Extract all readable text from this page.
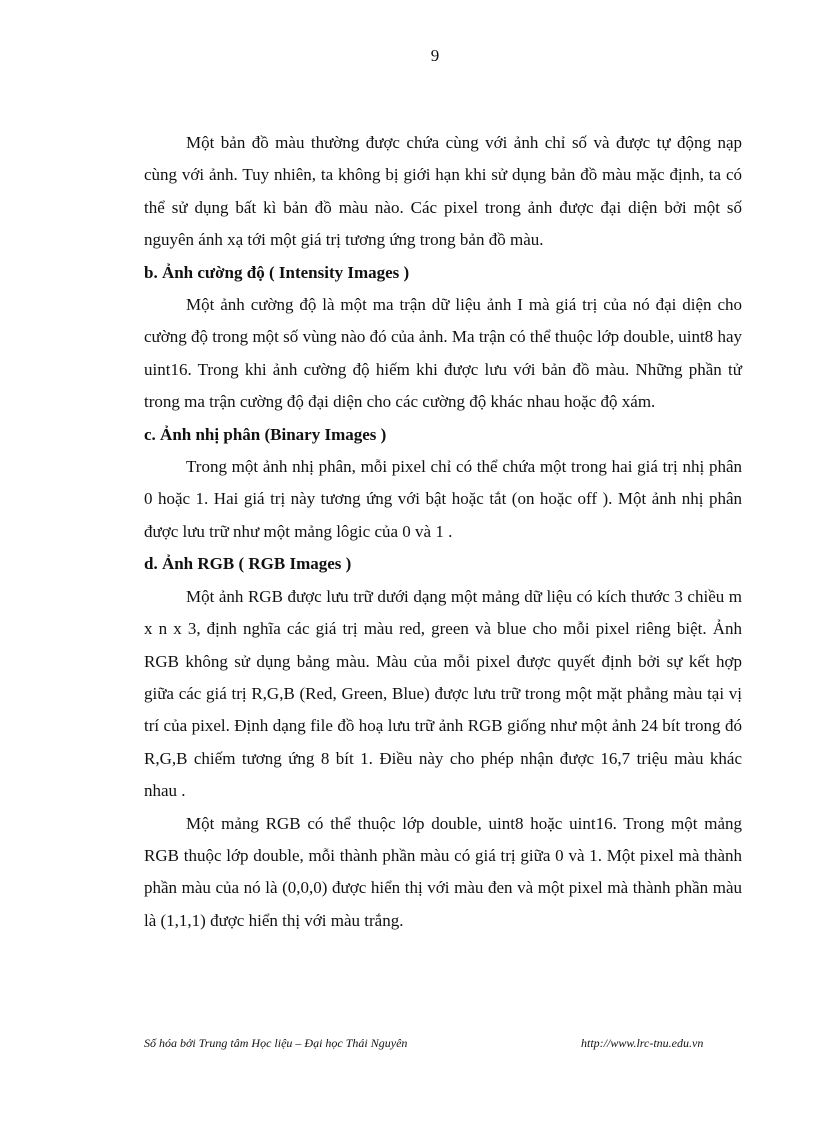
9

Một bản đồ màu thường được chứa cùng với ảnh chỉ số và được tự động nạp cùng với ảnh. Tuy nhiên, ta không bị giới hạn khi sử dụng bản đồ màu mặc định, ta có thể sử dụng bất kì bản đồ màu nào. Các pixel trong ảnh được đại diện bởi một số nguyên ánh xạ tới một giá trị tương ứng trong bản đồ màu.

b. Ảnh cường độ ( Intensity Images )

Một ảnh cường độ là một ma trận dữ liệu ảnh I mà giá trị của nó đại diện cho cường độ trong một số vùng nào đó của ảnh. Ma trận có thể thuộc lớp double, uint8 hay uint16. Trong khi ảnh cường độ hiếm khi được lưu với bản đồ màu. Những phần tử trong ma trận cường độ đại diện cho các cường độ khác nhau hoặc độ xám.

c. Ảnh nhị phân (Binary Images )

Trong một ảnh nhị phân, mỗi pixel chỉ có thể chứa một trong hai giá trị nhị phân 0 hoặc 1. Hai giá trị này tương ứng với bật hoặc tắt (on hoặc off ). Một ảnh nhị phân được lưu trữ như một mảng lôgic của 0 và 1 .

d. Ảnh RGB ( RGB Images )

Một ảnh RGB được lưu trữ dưới dạng một mảng dữ liệu có kích thước 3 chiều m x n x 3, định nghĩa các giá trị màu red, green và blue cho mỗi pixel riêng biệt. Ảnh RGB không sử dụng bảng màu. Màu của mỗi pixel được quyết định bởi sự kết hợp giữa các giá trị R,G,B (Red, Green, Blue) được lưu trữ trong một mặt phẳng màu tại vị trí của pixel. Định dạng file đồ hoạ lưu trữ ảnh RGB giống như một ảnh 24 bít trong đó R,G,B chiếm tương ứng 8 bít 1. Điều này cho phép nhận được 16,7 triệu màu khác nhau .

Một mảng RGB có thể thuộc lớp double, uint8 hoặc uint16. Trong một mảng RGB thuộc lớp double, mỗi thành phần màu có giá trị giữa 0 và 1. Một pixel mà thành phần màu của nó là (0,0,0) được hiển thị với màu đen và một pixel mà thành phần màu là (1,1,1) được hiển thị với màu trắng.

Số hóa bởi Trung tâm Học liệu – Đại học Thái Nguyên	http://www.lrc-tnu.edu.vn
